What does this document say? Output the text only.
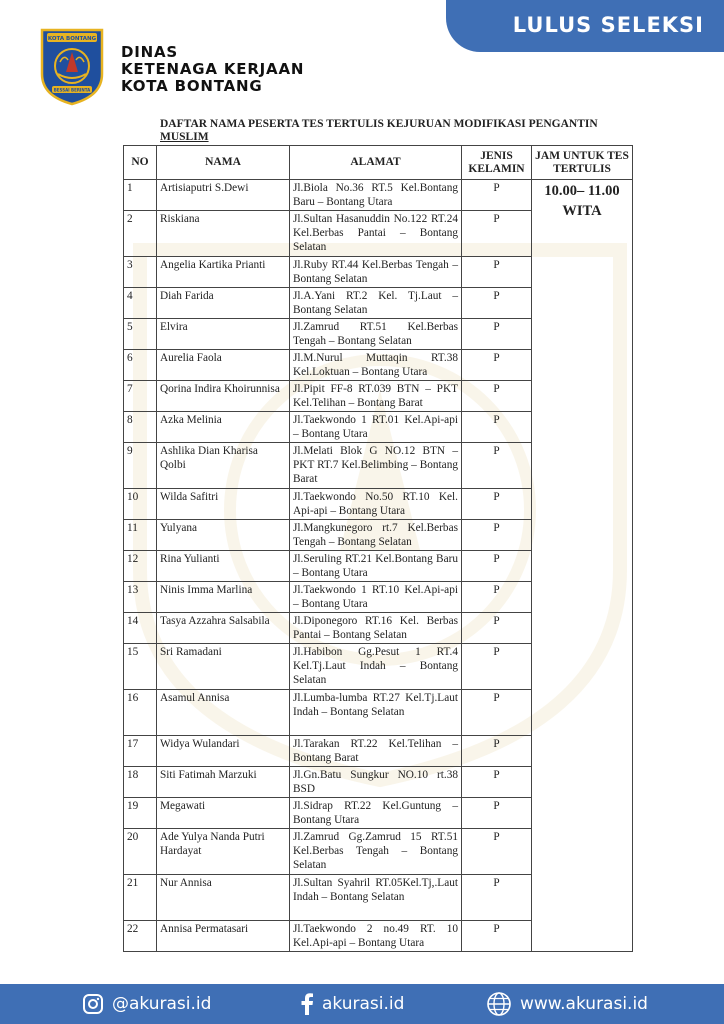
KOTA BONTANG
BESSAI BERINTA
DINAS
KETENAGA KERJAAN
KOTA BONTANG
LULUS SELEKSI
DAFTAR NAMA PESERTA TES TERTULIS KEJURUAN MODIFIKASI PENGANTIN
MUSLIM
NO	NAMA	ALAMAT	JENIS KELAMIN	JAM UNTUK TES TERTULIS
1	Artisiaputri S.Dewi	Jl.Biola No.36 RT.5 Kel.Bontang Baru – Bontang Utara	P	10.00– 11.00
WITA

2	Riskiana	Jl.Sultan Hasanuddin No.122 RT.24 Kel.Berbas Pantai – Bontang Selatan	P	
3	Angelia Kartika Prianti	Jl.Ruby RT.44 Kel.Berbas Tengah – Bontang Selatan	P	
4	Diah Farida	Jl.A.Yani RT.2 Kel. Tj.Laut – Bontang Selatan	P	
5	Elvira	Jl.Zamrud RT.51 Kel.Berbas Tengah – Bontang Selatan	P	
6	Aurelia Faola	Jl.M.Nurul Muttaqin RT.38 Kel.Loktuan – Bontang Utara	P	
7	Qorina Indira Khoirunnisa	Jl.Pipit FF-8 RT.039 BTN – PKT Kel.Telihan – Bontang Barat	P	
8	Azka Melinia	Jl.Taekwondo 1 RT.01 Kel.Api-api – Bontang Utara	P	
9	Ashlika Dian Kharisa Qolbi	Jl.Melati Blok G NO.12 BTN – PKT RT.7 Kel.Belimbing – Bontang Barat	P	
10	Wilda Safitri	Jl.Taekwondo No.50 RT.10 Kel. Api-api – Bontang Utara	P	
11	Yulyana	Jl.Mangkunegoro rt.7 Kel.Berbas Tengah – Bontang Selatan	P	
12	Rina Yulianti	Jl.Seruling RT.21 Kel.Bontang Baru – Bontang Utara	P	
13	Ninis Imma Marlina	Jl.Taekwondo 1 RT.10 Kel.Api-api – Bontang Utara	P	
14	Tasya Azzahra Salsabila	Jl.Diponegoro RT.16 Kel. Berbas Pantai – Bontang Selatan	P	
15	Sri Ramadani	Jl.Habibon Gg.Pesut 1 RT.4 Kel.Tj.Laut Indah – Bontang Selatan	P	
16	Asamul Annisa	Jl.Lumba-lumba RT.27 Kel.Tj.Laut Indah – Bontang Selatan	P	
17	Widya Wulandari	Jl.Tarakan RT.22 Kel.Telihan – Bontang Barat	P	
18	Siti Fatimah Marzuki	Jl.Gn.Batu Sungkur NO.10 rt.38 BSD	P	
19	Megawati	Jl.Sidrap RT.22 Kel.Guntung – Bontang Utara	P	
20	Ade Yulya Nanda Putri Hardayat	Jl.Zamrud Gg.Zamrud 15 RT.51 Kel.Berbas Tengah – Bontang Selatan	P	
21	Nur Annisa	Jl.Sultan Syahril RT.05Kel.Tj,.Laut Indah – Bontang Selatan	P	
22	Annisa Permatasari	Jl.Taekwondo 2 no.49 RT. 10 Kel.Api-api – Bontang Utara	P	
@akurasi.id	akurasi.id	www.akurasi.id
